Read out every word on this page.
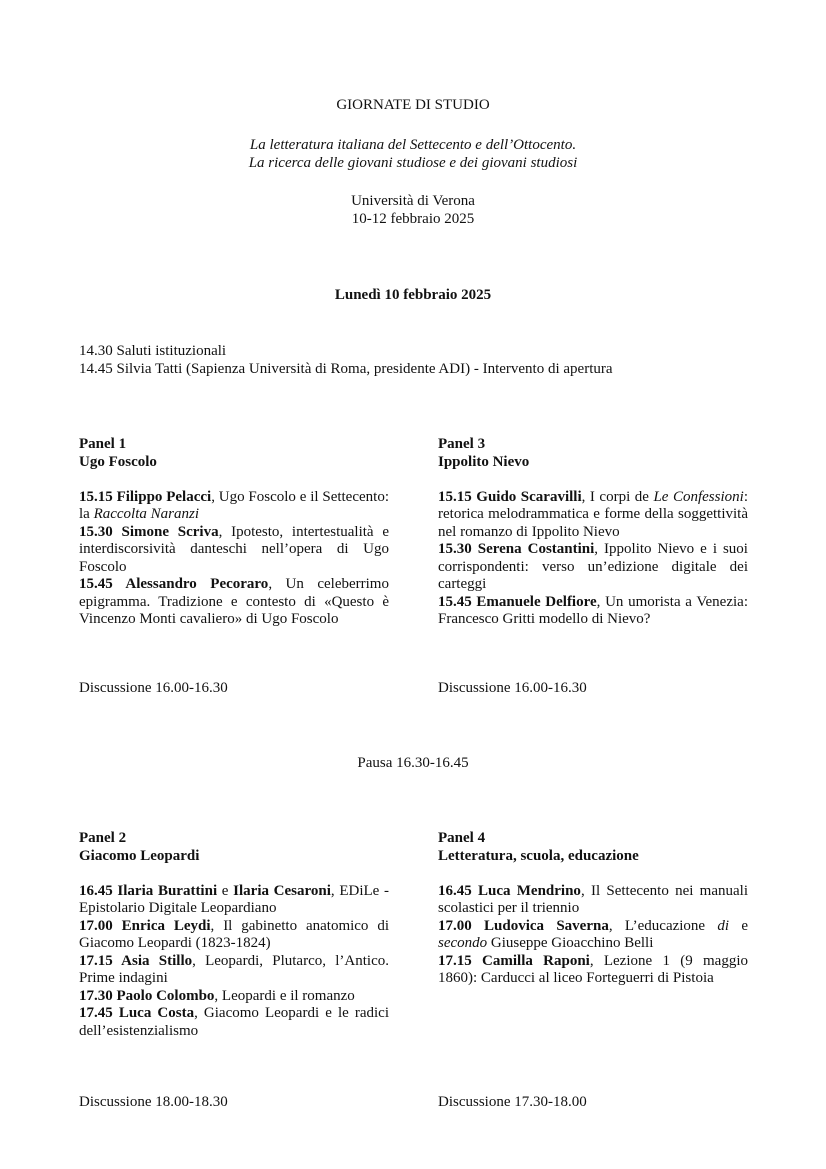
GIORNATE DI STUDIO
La letteratura italiana del Settecento e dell’Ottocento.
La ricerca delle giovani studiose e dei giovani studiosi
Università di Verona
10-12 febbraio 2025
Lunedì 10 febbraio 2025
14.30 Saluti istituzionali
14.45 Silvia Tatti (Sapienza Università di Roma, presidente ADI) - Intervento di apertura
Panel 1
Ugo Foscolo
15.15 Filippo Pelacci, Ugo Foscolo e il Settecento: la Raccolta Naranzi
15.30 Simone Scriva, Ipotesto, intertestualità e interdiscorsività danteschi nell’opera di Ugo Foscolo
15.45 Alessandro Pecoraro, Un celeberrimo epigramma. Tradizione e contesto di «Questo è Vincenzo Monti cavaliero» di Ugo Foscolo
Discussione 16.00-16.30
Panel 3
Ippolito Nievo
15.15 Guido Scaravilli, I corpi de Le Confessioni: retorica melodrammatica e forme della soggettività nel romanzo di Ippolito Nievo
15.30 Serena Costantini, Ippolito Nievo e i suoi corrispondenti: verso un’edizione digitale dei carteggi
15.45 Emanuele Delfiore, Un umorista a Venezia: Francesco Gritti modello di Nievo?
Discussione 16.00-16.30
Pausa 16.30-16.45
Panel 2
Giacomo Leopardi
16.45 Ilaria Burattini e Ilaria Cesaroni, EDiLe - Epistolario Digitale Leopardiano
17.00 Enrica Leydi, Il gabinetto anatomico di Giacomo Leopardi (1823-1824)
17.15 Asia Stillo, Leopardi, Plutarco, l’Antico. Prime indagini
17.30 Paolo Colombo, Leopardi e il romanzo
17.45 Luca Costa, Giacomo Leopardi e le radici dell’esistenzialismo
Discussione 18.00-18.30
Panel 4
Letteratura, scuola, educazione
16.45 Luca Mendrino, Il Settecento nei manuali scolastici per il triennio
17.00 Ludovica Saverna, L’educazione di e secondo Giuseppe Gioacchino Belli
17.15 Camilla Raponi, Lezione 1 (9 maggio 1860): Carducci al liceo Forteguerri di Pistoia
Discussione 17.30-18.00
